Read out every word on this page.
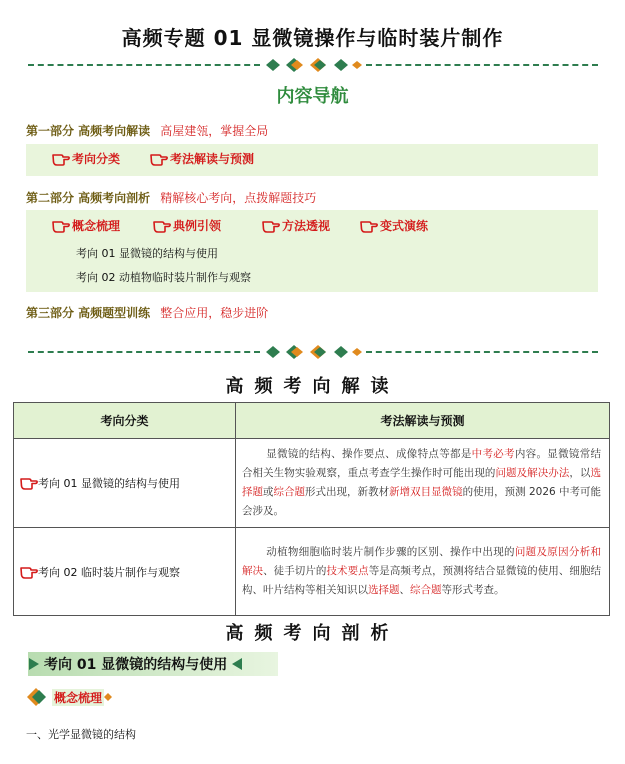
高频专题 01 显微镜操作与临时装片制作
内容导航
第一部分 高频考向解读 高屋建瓴，掌握全局
考向分类	考法解读与预测
第二部分 高频考向剖析 精解核心考向，点拨解题技巧
概念梳理	典例引领	方法透视	变式演练
考向 01 显微镜的结构与使用
考向 02 动植物临时装片制作与观察
第三部分 高频题型训练 整合应用，稳步进阶
高频考向解读
考向分类	考法解读与预测

考向 01 显微镜的结构与使用	显微镜的结构、操作要点、成像特点等都是中考必考内容。显微镜常结合相关生物实验观察，重点考查学生操作时可能出现的问题及解决办法，以选择题或综合题形式出现，新教材新增双目显微镜的使用，预测 2026 中考可能会涉及。

考向 02 临时装片制作与观察	动植物细胞临时装片制作步骤的区别、操作中出现的问题及原因分析和解决、徒手切片的技术要点等是高频考点，预测将结合显微镜的使用、细胞结构、叶片结构等相关知识以选择题、综合题等形式考查。
高频考向剖析
考向 01 显微镜的结构与使用
概念梳理
一、光学显微镜的结构
